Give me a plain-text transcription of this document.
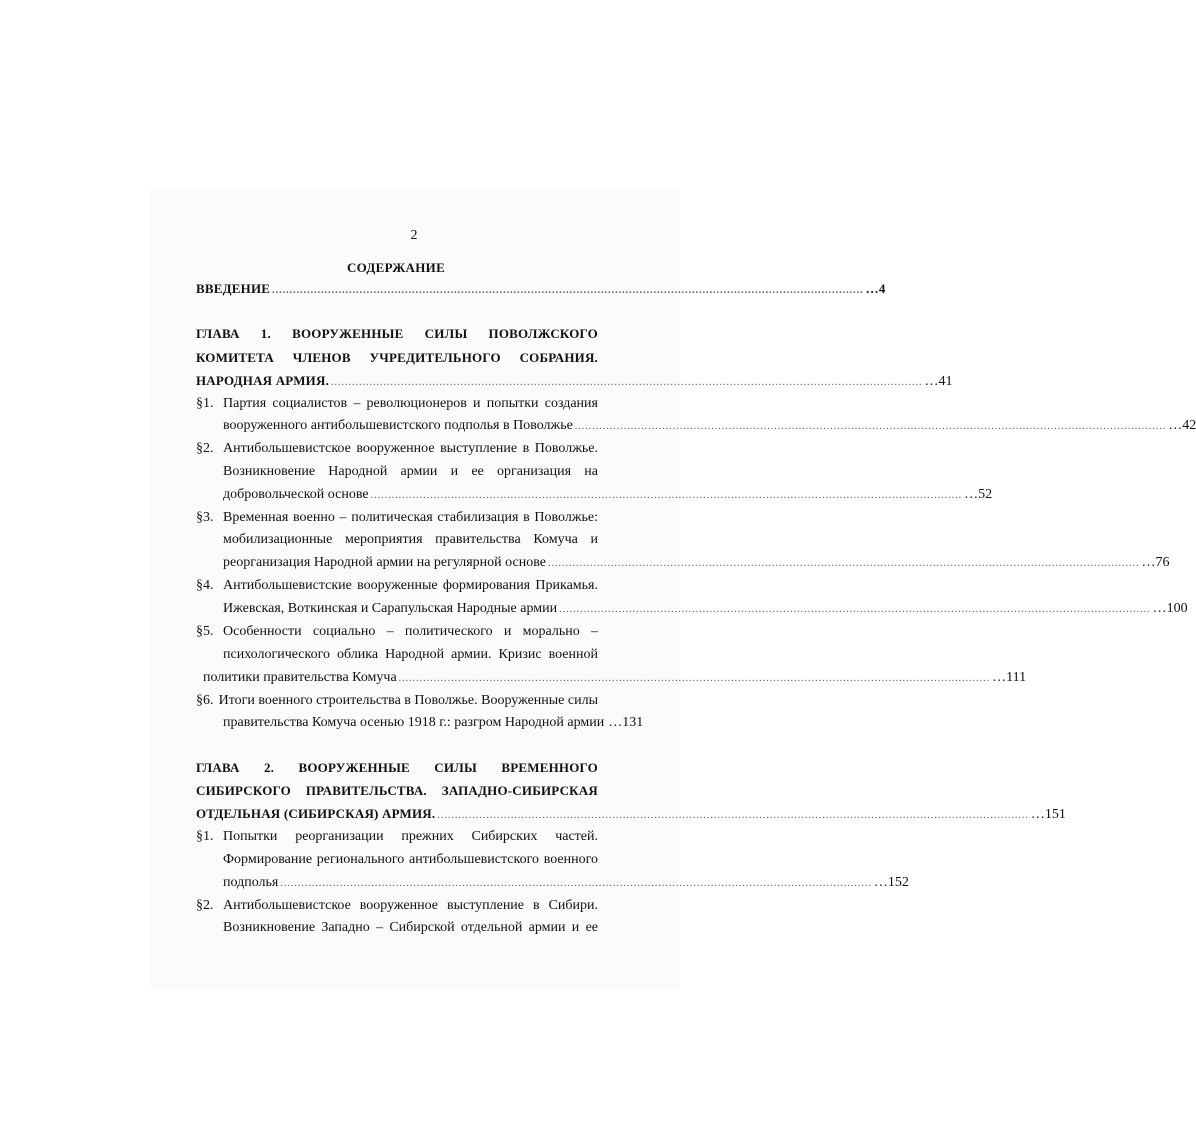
2
СОДЕРЖАНИЕ
ВВЕДЕНИЕ ......................................................................................................................................................................... …4
ГЛАВА 1. ВООРУЖЕННЫЕ СИЛЫ ПОВОЛЖСКОГО
КОМИТЕТА ЧЛЕНОВ УЧРЕДИТЕЛЬНОГО СОБРАНИЯ.
НАРОДНАЯ АРМИЯ. ......................................................................................................................................................................... …41
§1. Партия социалистов – революционеров и попытки создания
вооруженного антибольшевистского подполья в Поволжье ......................................................................................................................................................................... …42
§2. Антибольшевистское вооруженное выступление в Поволжье.
Возникновение Народной армии и ее организация на
добровольческой основе ......................................................................................................................................................................... …52
§3. Временная военно – политическая стабилизация в Поволжье:
мобилизационные мероприятия правительства Комуча и
реорганизация Народной армии на регулярной основе ......................................................................................................................................................................... …76
§4. Антибольшевистские вооруженные формирования Прикамья.
Ижевская, Воткинская и Сарапульская Народные армии ......................................................................................................................................................................... …100
§5. Особенности социально – политического и морально –
психологического облика Народной армии. Кризис военной
политики правительства Комуча ......................................................................................................................................................................... …111
§6. Итоги военного строительства в Поволжье. Вооруженные силы
правительства Комуча осенью 1918 г.: разгром Народной армии …131
ГЛАВА 2. ВООРУЖЕННЫЕ СИЛЫ ВРЕМЕННОГО
СИБИРСКОГО ПРАВИТЕЛЬСТВА. ЗАПАДНО-СИБИРСКАЯ
ОТДЕЛЬНАЯ (СИБИРСКАЯ) АРМИЯ. ......................................................................................................................................................................... …151
§1. Попытки реорганизации прежних Сибирских частей.
Формирование регионального антибольшевистского военного
подполья ......................................................................................................................................................................... …152
§2. Антибольшевистское вооруженное выступление в Сибири.
Возникновение Западно – Сибирской отдельной армии и ее
